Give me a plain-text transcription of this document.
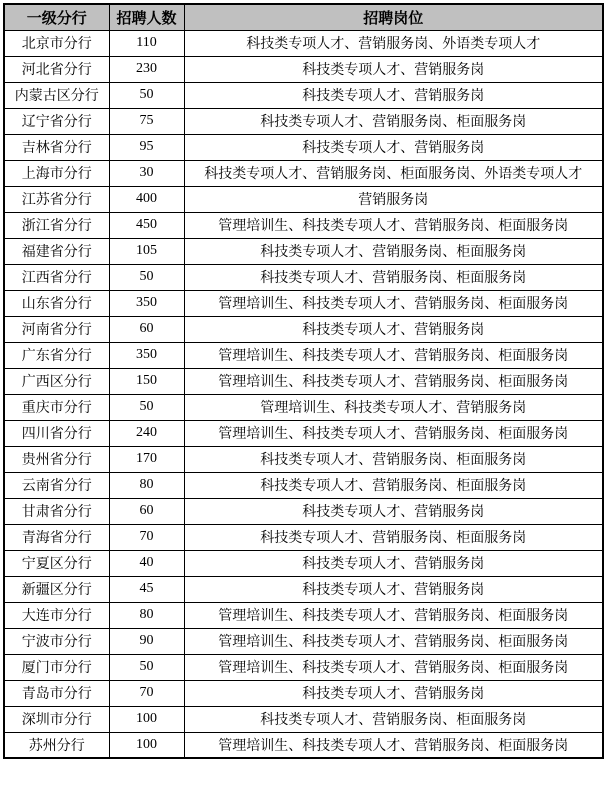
一级分行	招聘人数	招聘岗位
北京市分行	110	科技类专项人才、营销服务岗、外语类专项人才
河北省分行	230	科技类专项人才、营销服务岗
内蒙古区分行	50	科技类专项人才、营销服务岗
辽宁省分行	75	科技类专项人才、营销服务岗、柜面服务岗
吉林省分行	95	科技类专项人才、营销服务岗
上海市分行	30	科技类专项人才、营销服务岗、柜面服务岗、外语类专项人才
江苏省分行	400	营销服务岗
浙江省分行	450	管理培训生、科技类专项人才、营销服务岗、柜面服务岗
福建省分行	105	科技类专项人才、营销服务岗、柜面服务岗
江西省分行	50	科技类专项人才、营销服务岗、柜面服务岗
山东省分行	350	管理培训生、科技类专项人才、营销服务岗、柜面服务岗
河南省分行	60	科技类专项人才、营销服务岗
广东省分行	350	管理培训生、科技类专项人才、营销服务岗、柜面服务岗
广西区分行	150	管理培训生、科技类专项人才、营销服务岗、柜面服务岗
重庆市分行	50	管理培训生、科技类专项人才、营销服务岗
四川省分行	240	管理培训生、科技类专项人才、营销服务岗、柜面服务岗
贵州省分行	170	科技类专项人才、营销服务岗、柜面服务岗
云南省分行	80	科技类专项人才、营销服务岗、柜面服务岗
甘肃省分行	60	科技类专项人才、营销服务岗
青海省分行	70	科技类专项人才、营销服务岗、柜面服务岗
宁夏区分行	40	科技类专项人才、营销服务岗
新疆区分行	45	科技类专项人才、营销服务岗
大连市分行	80	管理培训生、科技类专项人才、营销服务岗、柜面服务岗
宁波市分行	90	管理培训生、科技类专项人才、营销服务岗、柜面服务岗
厦门市分行	50	管理培训生、科技类专项人才、营销服务岗、柜面服务岗
青岛市分行	70	科技类专项人才、营销服务岗
深圳市分行	100	科技类专项人才、营销服务岗、柜面服务岗
苏州分行	100	管理培训生、科技类专项人才、营销服务岗、柜面服务岗
